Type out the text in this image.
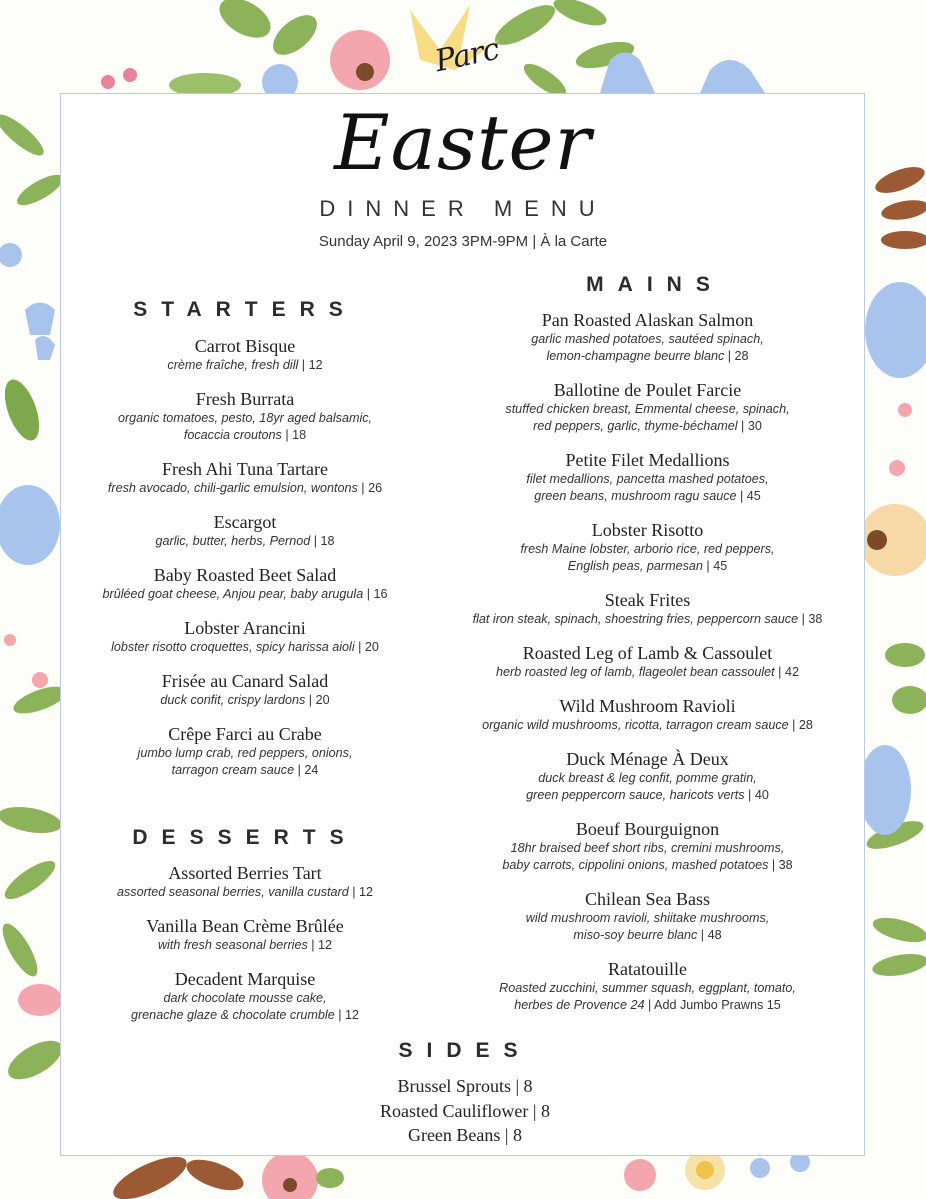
Parc
Easter
DINNER MENU
Sunday April 9, 2023 3PM-9PM | À la Carte
STARTERS
Carrot Bisque
crème fraîche, fresh dill | 12
Fresh Burrata
organic tomatoes, pesto, 18yr aged balsamic,
focaccia croutons | 18
Fresh Ahi Tuna Tartare
fresh avocado, chili-garlic emulsion, wontons | 26
Escargot
garlic, butter, herbs, Pernod | 18
Baby Roasted Beet Salad
brûléed goat cheese, Anjou pear, baby arugula | 16
Lobster Arancini
lobster risotto croquettes, spicy harissa aioli | 20
Frisée au Canard Salad
duck confit, crispy lardons | 20
Crêpe Farci au Crabe
jumbo lump crab, red peppers, onions,
tarragon cream sauce | 24
DESSERTS
Assorted Berries Tart
assorted seasonal berries, vanilla custard | 12
Vanilla Bean Crème Brûlée
with fresh seasonal berries | 12
Decadent Marquise
dark chocolate mousse cake,
grenache glaze & chocolate crumble | 12
MAINS
Pan Roasted Alaskan Salmon
garlic mashed potatoes, sautéed spinach,
lemon-champagne beurre blanc | 28
Ballotine de Poulet Farcie
stuffed chicken breast, Emmental cheese, spinach,
red peppers, garlic, thyme-béchamel | 30
Petite Filet Medallions
filet medallions, pancetta mashed potatoes,
green beans, mushroom ragu sauce | 45
Lobster Risotto
fresh Maine lobster, arborio rice, red peppers,
English peas, parmesan | 45
Steak Frites
flat iron steak, spinach, shoestring fries, peppercorn sauce | 38
Roasted Leg of Lamb & Cassoulet
herb roasted leg of lamb, flageolet bean cassoulet | 42
Wild Mushroom Ravioli
organic wild mushrooms, ricotta, tarragon cream sauce | 28
Duck Ménage À Deux
duck breast & leg confit, pomme gratin,
green peppercorn sauce, haricots verts | 40
Boeuf Bourguignon
18hr braised beef short ribs, cremini mushrooms,
baby carrots, cippolini onions, mashed potatoes | 38
Chilean Sea Bass
wild mushroom ravioli, shiitake mushrooms,
miso-soy beurre blanc | 48
Ratatouille
Roasted zucchini, summer squash, eggplant, tomato,
herbes de Provence 24 | Add Jumbo Prawns 15
SIDES
Brussel Sprouts | 8
Roasted Cauliflower | 8
Green Beans | 8
